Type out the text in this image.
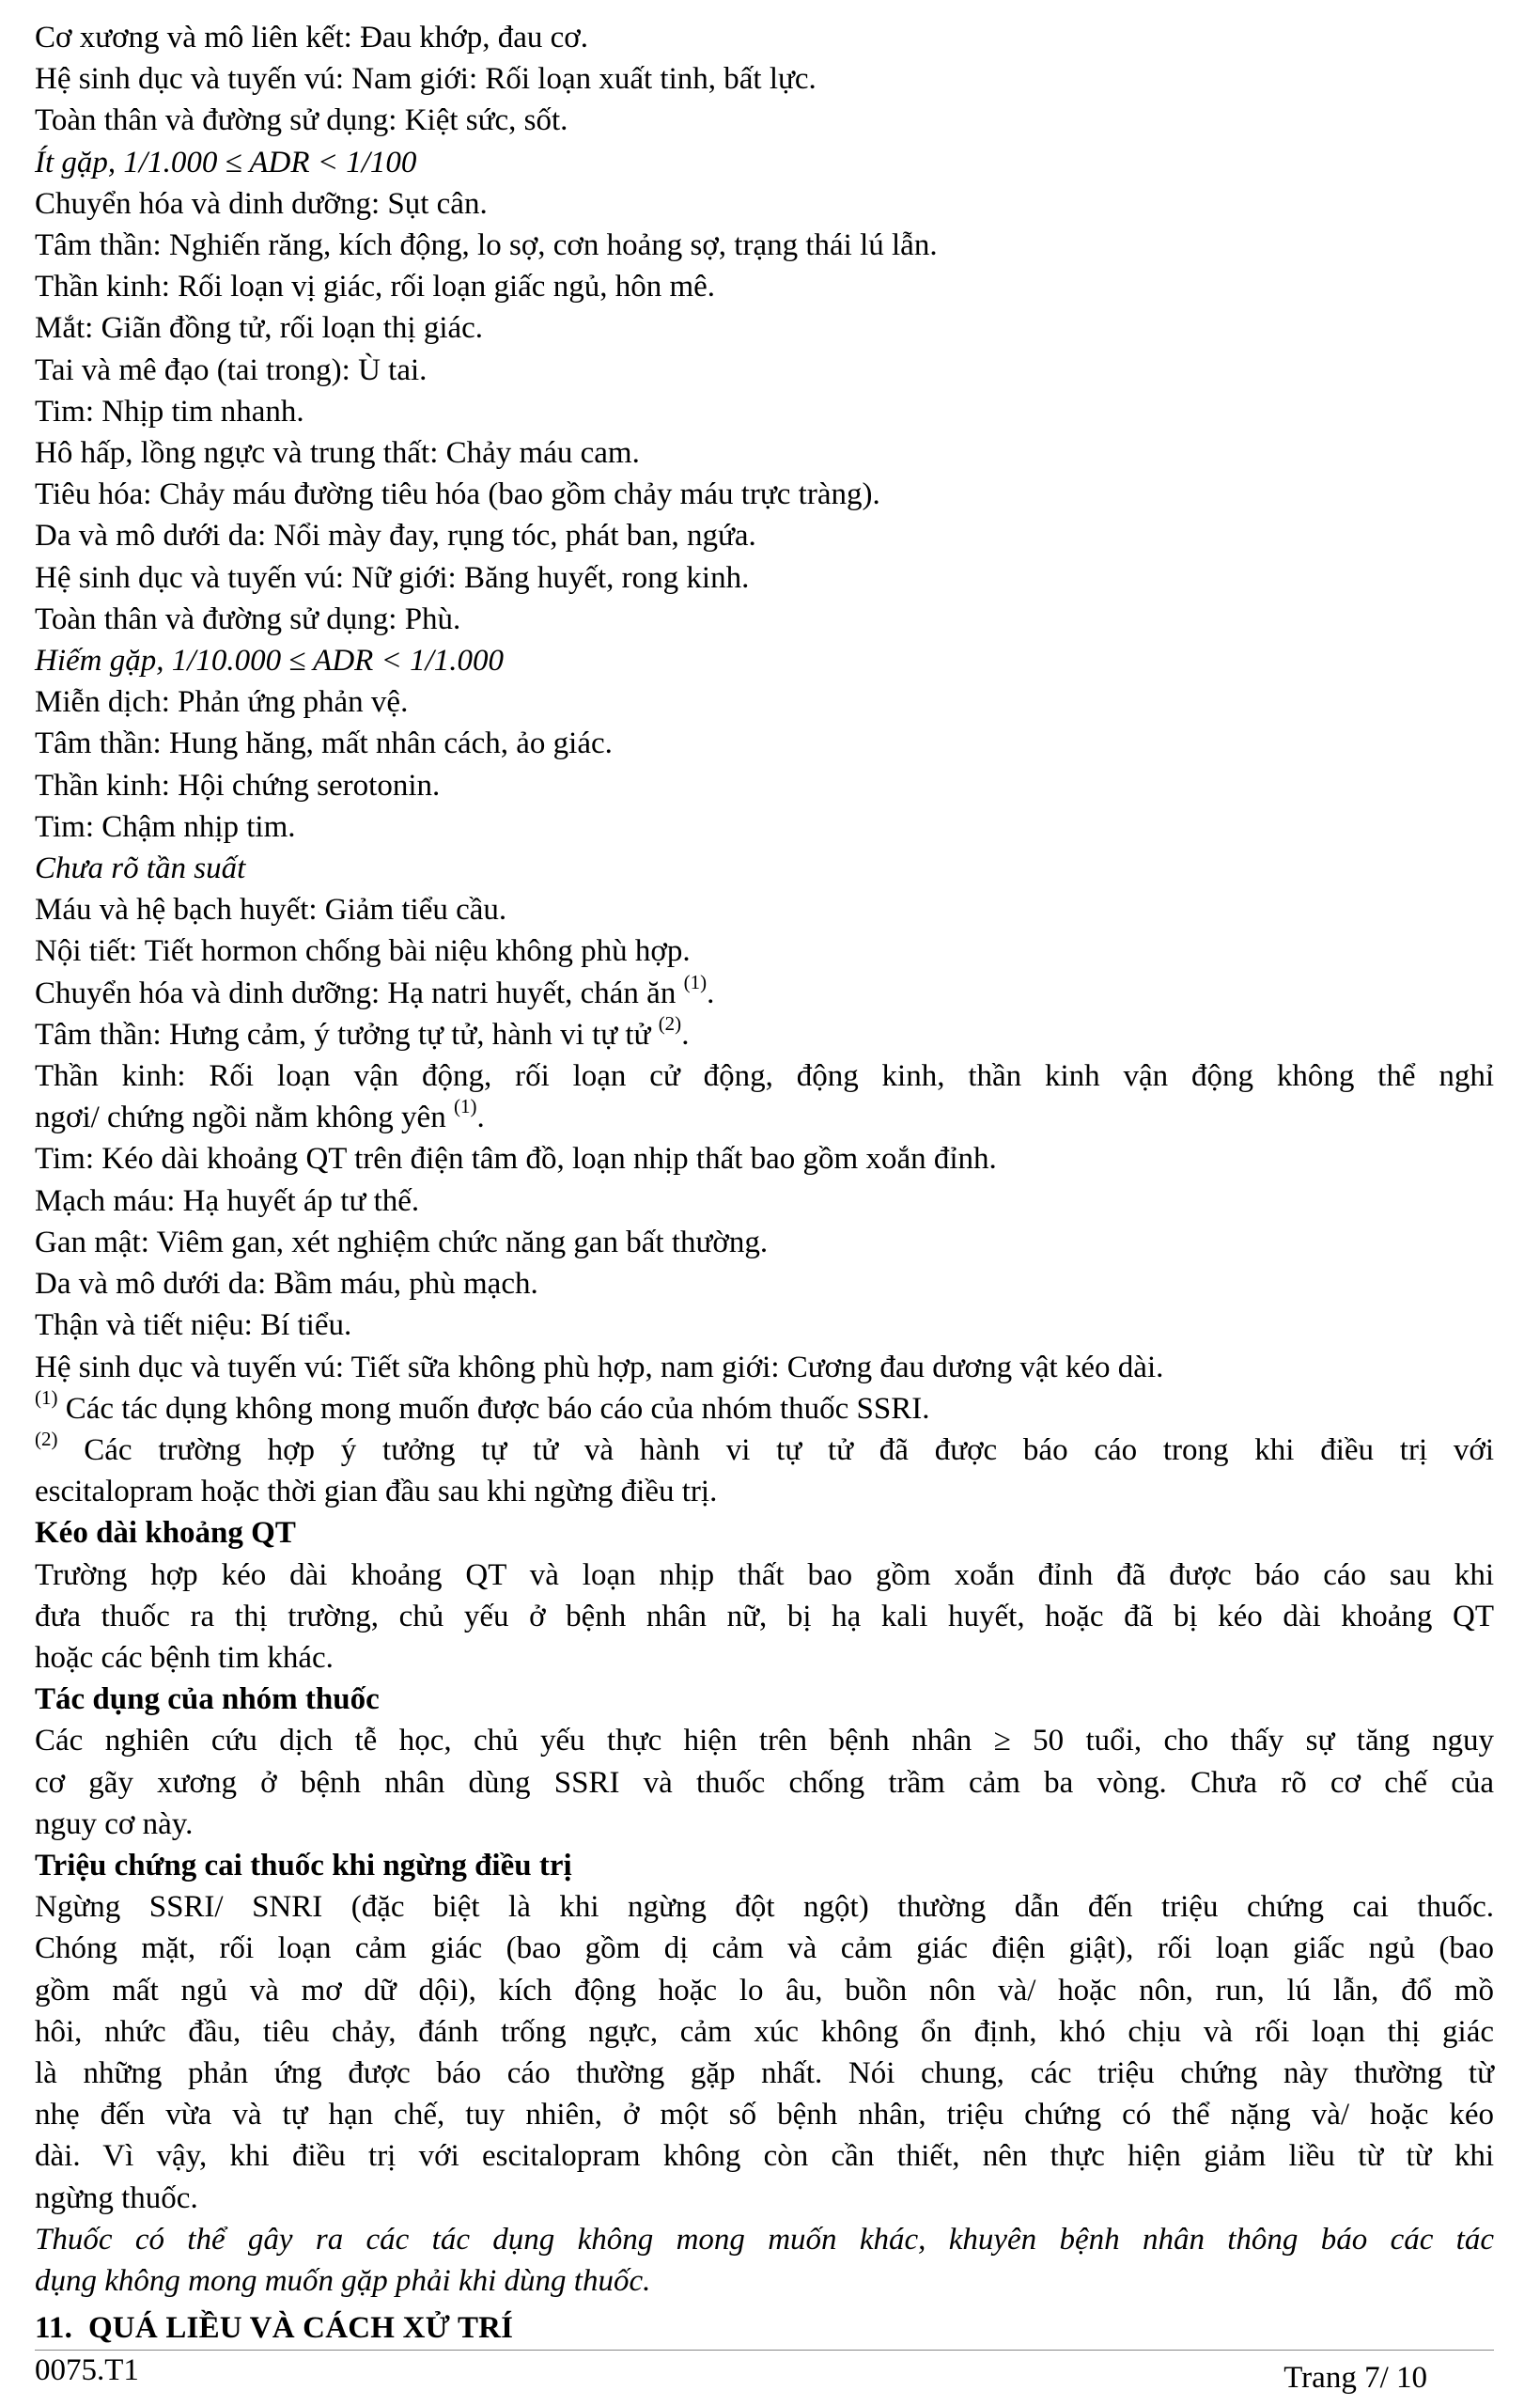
Cơ xương và mô liên kết: Đau khớp, đau cơ.
Hệ sinh dục và tuyến vú: Nam giới: Rối loạn xuất tinh, bất lực.
Toàn thân và đường sử dụng: Kiệt sức, sốt.
Ít gặp, 1/1.000 ≤ ADR < 1/100
Chuyển hóa và dinh dưỡng: Sụt cân.
Tâm thần: Nghiến răng, kích động, lo sợ, cơn hoảng sợ, trạng thái lú lẫn.
Thần kinh: Rối loạn vị giác, rối loạn giấc ngủ, hôn mê.
Mắt: Giãn đồng tử, rối loạn thị giác.
Tai và mê đạo (tai trong): Ù tai.
Tim: Nhịp tim nhanh.
Hô hấp, lồng ngực và trung thất: Chảy máu cam.
Tiêu hóa: Chảy máu đường tiêu hóa (bao gồm chảy máu trực tràng).
Da và mô dưới da: Nổi mày đay, rụng tóc, phát ban, ngứa.
Hệ sinh dục và tuyến vú: Nữ giới: Băng huyết, rong kinh.
Toàn thân và đường sử dụng: Phù.
Hiếm gặp, 1/10.000 ≤ ADR < 1/1.000
Miễn dịch: Phản ứng phản vệ.
Tâm thần: Hung hăng, mất nhân cách, ảo giác.
Thần kinh: Hội chứng serotonin.
Tim: Chậm nhịp tim.
Chưa rõ tần suất
Máu và hệ bạch huyết: Giảm tiểu cầu.
Nội tiết: Tiết hormon chống bài niệu không phù hợp.
Chuyển hóa và dinh dưỡng: Hạ natri huyết, chán ăn $^{(1)}$.
Tâm thần: Hưng cảm, ý tưởng tự tử, hành vi tự tử $^{(2)}$.
Thần kinh: Rối loạn vận động, rối loạn cử động, động kinh, thần kinh vận động không thể nghỉ
ngơi/ chứng ngồi nằm không yên $^{(1)}$.
Tim: Kéo dài khoảng QT trên điện tâm đồ, loạn nhịp thất bao gồm xoắn đỉnh.
Mạch máu: Hạ huyết áp tư thế.
Gan mật: Viêm gan, xét nghiệm chức năng gan bất thường.
Da và mô dưới da: Bầm máu, phù mạch.
Thận và tiết niệu: Bí tiểu.
Hệ sinh dục và tuyến vú: Tiết sữa không phù hợp, nam giới: Cương đau dương vật kéo dài.
$^{(1)}$ Các tác dụng không mong muốn được báo cáo của nhóm thuốc SSRI.
$^{(2)}$ Các trường hợp ý tưởng tự tử và hành vi tự tử đã được báo cáo trong khi điều trị với
escitalopram hoặc thời gian đầu sau khi ngừng điều trị.
Kéo dài khoảng QT
Trường hợp kéo dài khoảng QT và loạn nhịp thất bao gồm xoắn đỉnh đã được báo cáo sau khi
đưa thuốc ra thị trường, chủ yếu ở bệnh nhân nữ, bị hạ kali huyết, hoặc đã bị kéo dài khoảng QT
hoặc các bệnh tim khác.
Tác dụng của nhóm thuốc
Các nghiên cứu dịch tễ học, chủ yếu thực hiện trên bệnh nhân ≥ 50 tuổi, cho thấy sự tăng nguy
cơ gãy xương ở bệnh nhân dùng SSRI và thuốc chống trầm cảm ba vòng. Chưa rõ cơ chế của
nguy cơ này.
Triệu chứng cai thuốc khi ngừng điều trị
Ngừng SSRI/ SNRI (đặc biệt là khi ngừng đột ngột) thường dẫn đến triệu chứng cai thuốc.
Chóng mặt, rối loạn cảm giác (bao gồm dị cảm và cảm giác điện giật), rối loạn giấc ngủ (bao
gồm mất ngủ và mơ dữ dội), kích động hoặc lo âu, buồn nôn và/ hoặc nôn, run, lú lẫn, đổ mồ
hôi, nhức đầu, tiêu chảy, đánh trống ngực, cảm xúc không ổn định, khó chịu và rối loạn thị giác
là những phản ứng được báo cáo thường gặp nhất. Nói chung, các triệu chứng này thường từ
nhẹ đến vừa và tự hạn chế, tuy nhiên, ở một số bệnh nhân, triệu chứng có thể nặng và/ hoặc kéo
dài. Vì vậy, khi điều trị với escitalopram không còn cần thiết, nên thực hiện giảm liều từ từ khi
ngừng thuốc.
Thuốc có thể gây ra các tác dụng không mong muốn khác, khuyên bệnh nhân thông báo các tác
dụng không mong muốn gặp phải khi dùng thuốc.
11. QUÁ LIỀU VÀ CÁCH XỬ TRÍ
0075.T1	Trang 7/ 10
